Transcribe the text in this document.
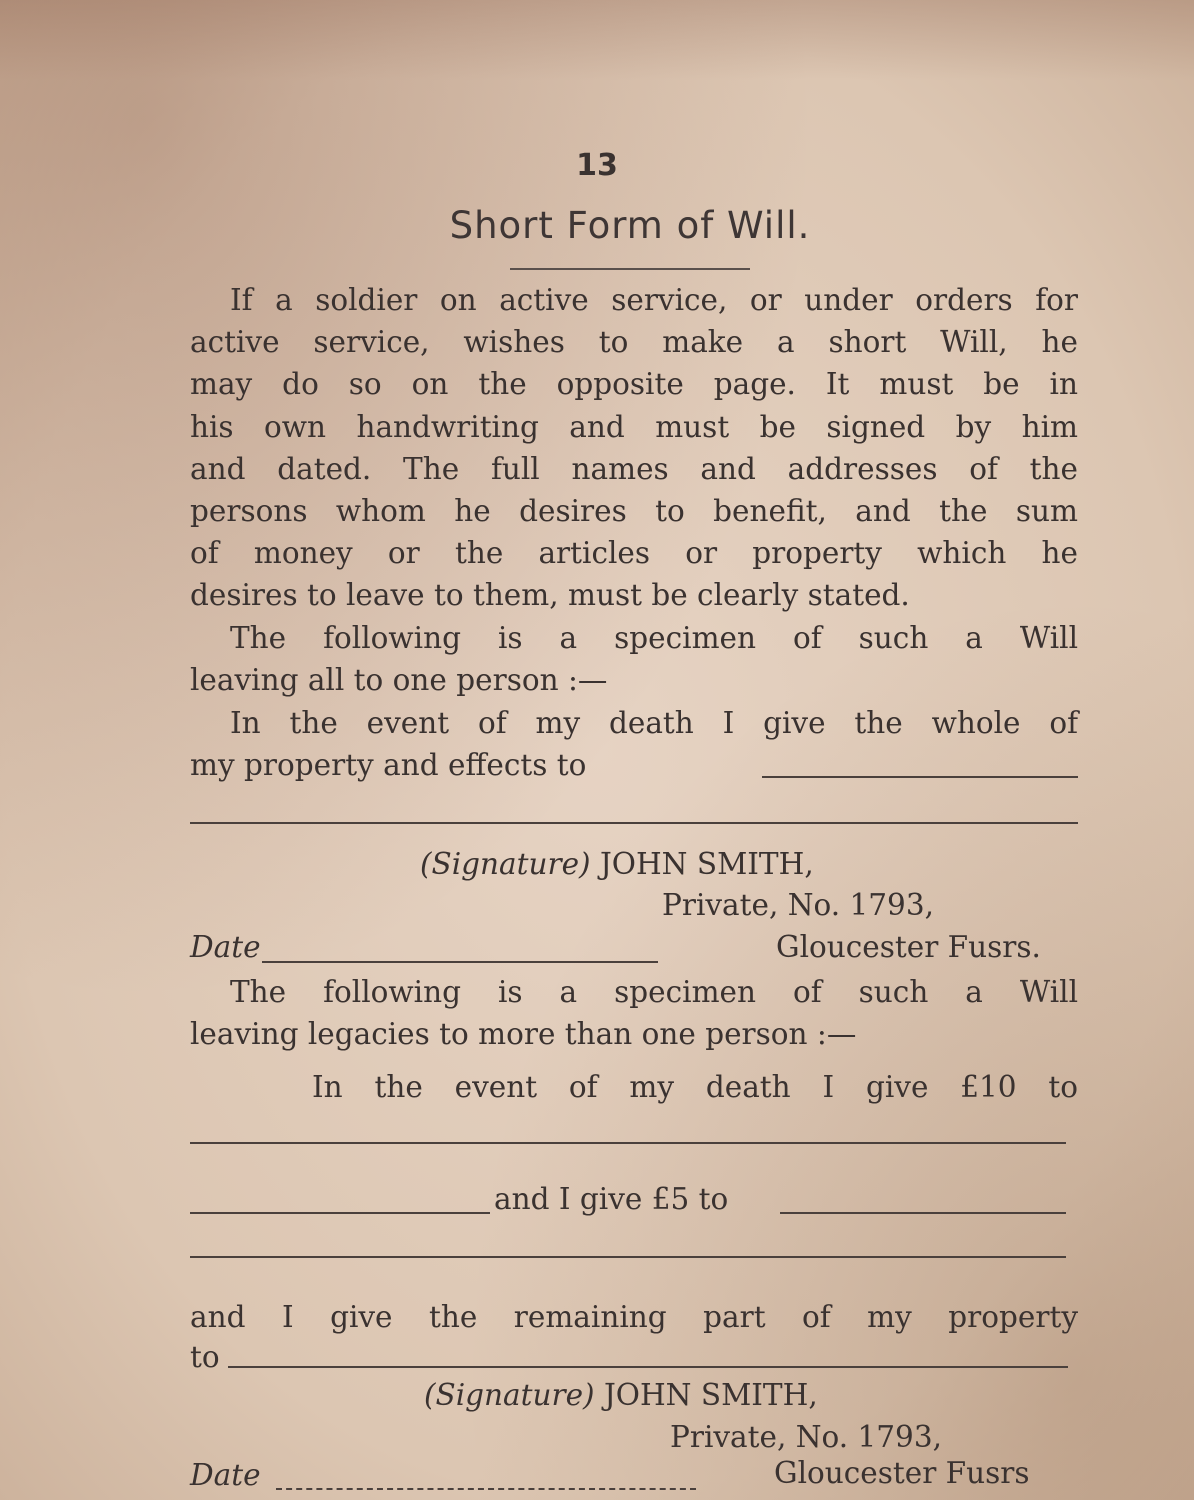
13
Short Form of Will.
If a soldier on active service, or under orders for
active service, wishes to make a short Will, he
may do so on the opposite page. It must be in
his own handwriting and must be signed by him
and dated. The full names and addresses of the
persons whom he desires to benefit, and the sum
of money or the articles or property which he
desires to leave to them, must be clearly stated.
The following is a specimen of such a Will
leaving all to one person :—
In the event of my death I give the whole of
my property and effects to
(Signature) JOHN SMITH,
Private, No. 1793,
Date	Gloucester Fusrs.
The following is a specimen of such a Will
leaving legacies to more than one person :—
In the event of my death I give £10 to
and I give £5 to
and I give the remaining part of my property
to
(Signature) JOHN SMITH,
Private, No. 1793,
Date	Gloucester Fusrs
